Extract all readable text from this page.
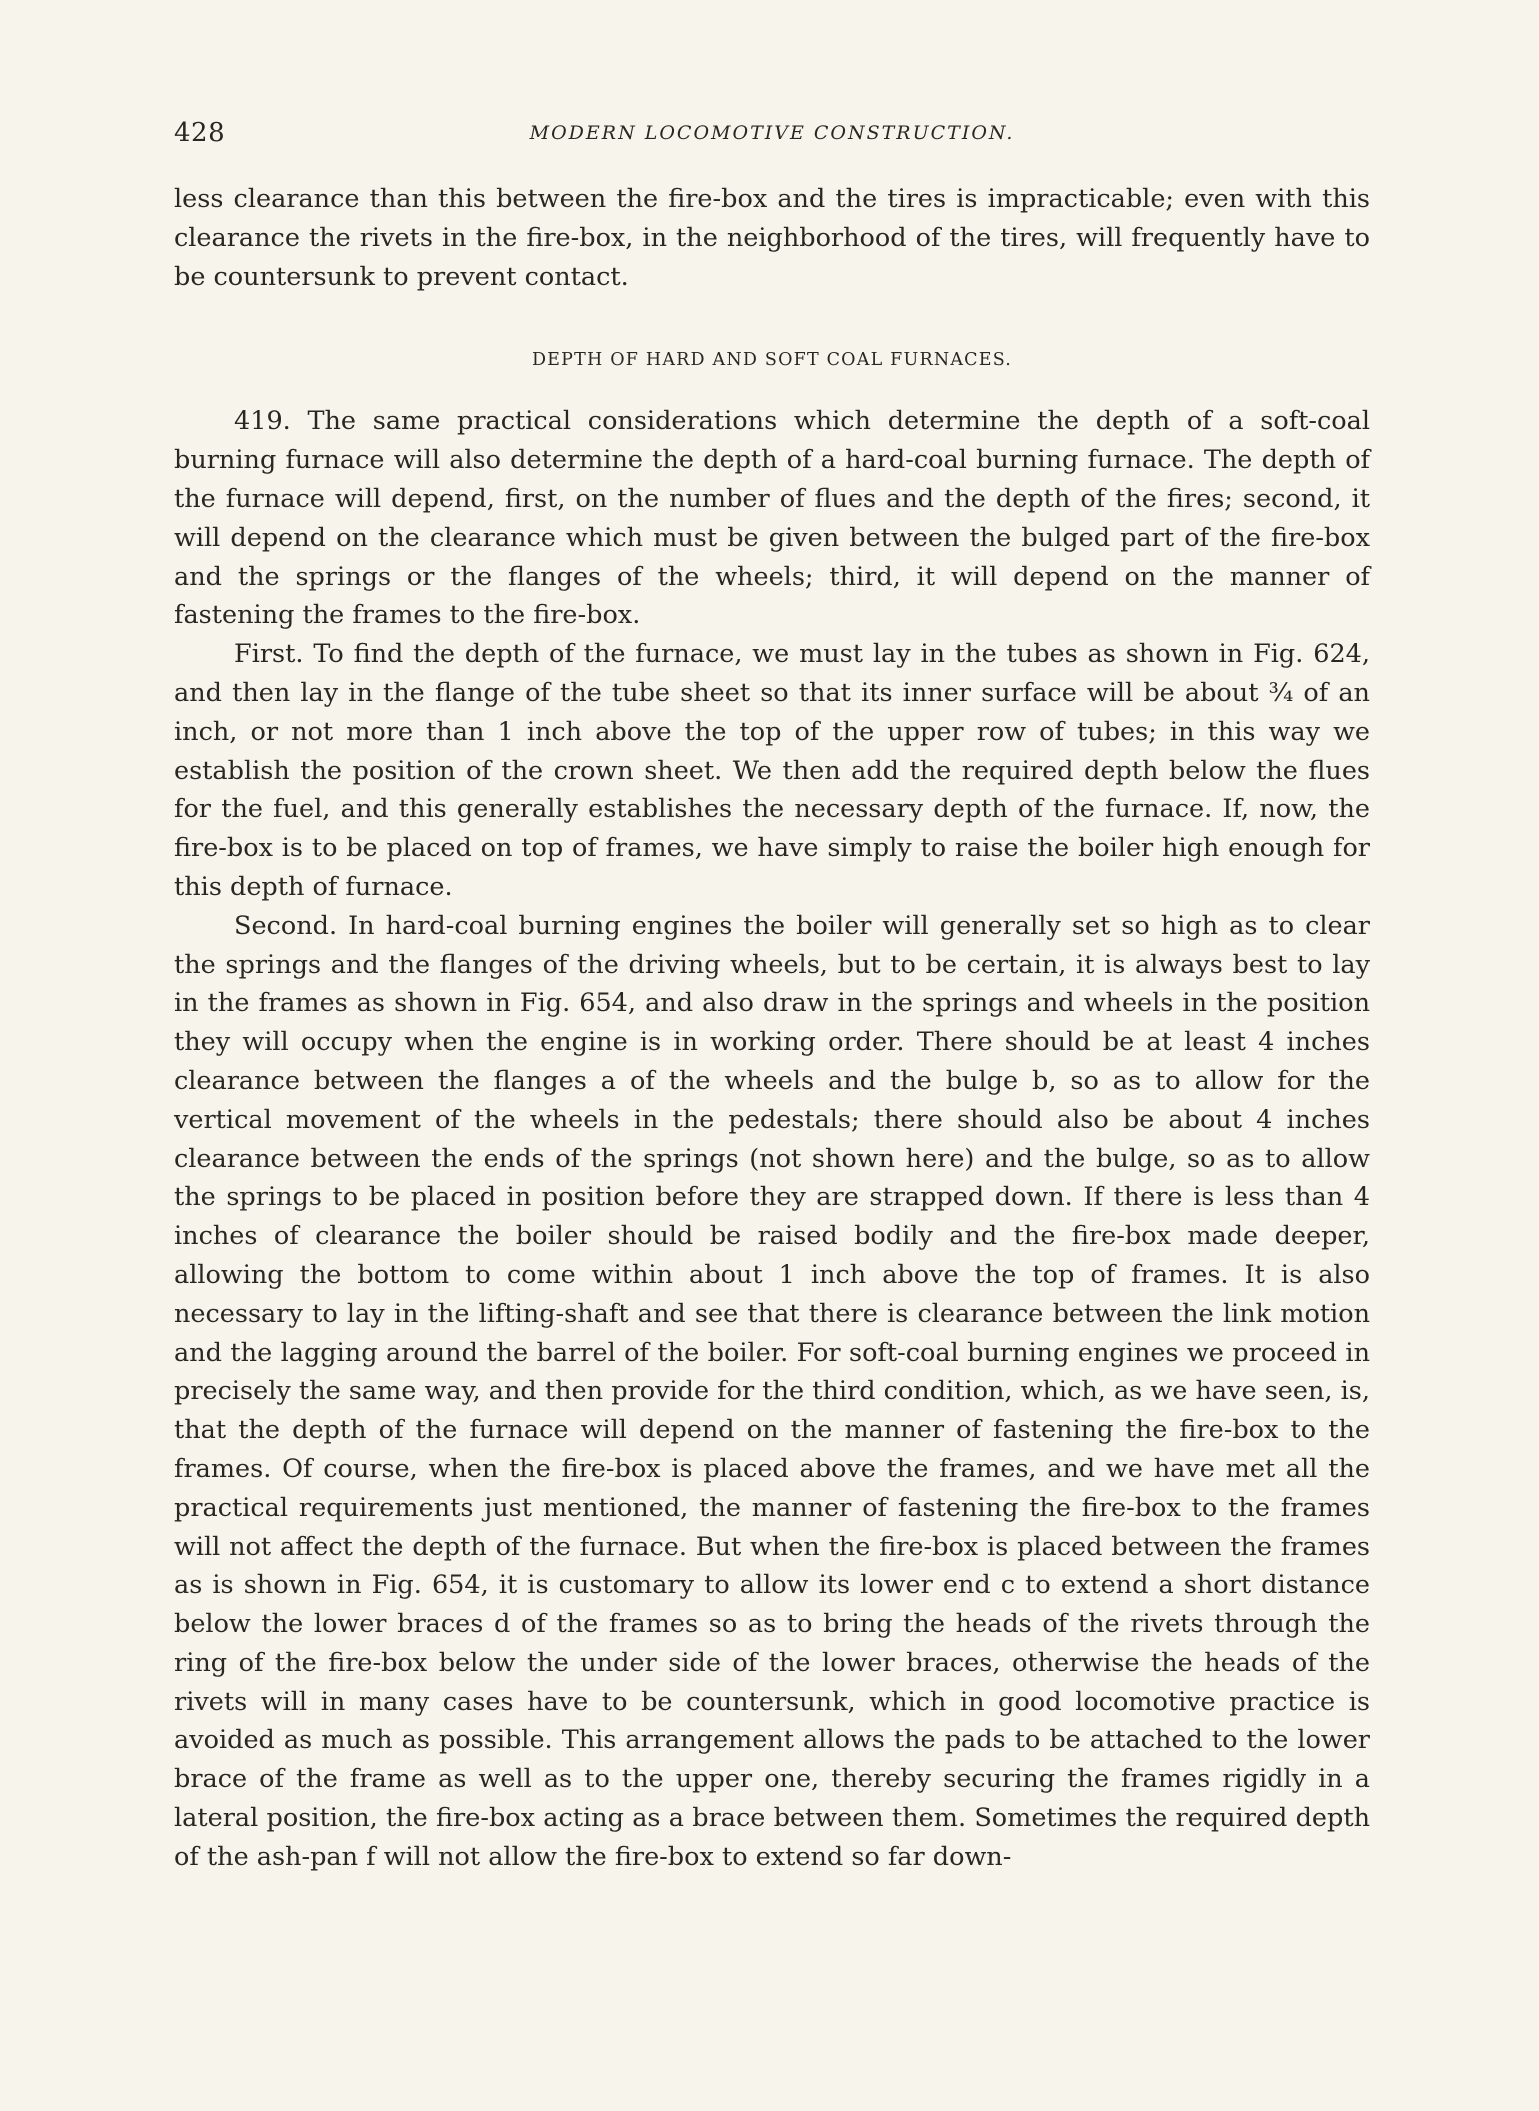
428	MODERN LOCOMOTIVE CONSTRUCTION.

less clearance than this between the fire-box and the tires is impracticable; even with this clearance the rivets in the fire-box, in the neighborhood of the tires, will frequently have to be countersunk to prevent contact.

DEPTH OF HARD AND SOFT COAL FURNACES.

419. The same practical considerations which determine the depth of a soft-coal burning furnace will also determine the depth of a hard-coal burning furnace. The depth of the furnace will depend, first, on the number of flues and the depth of the fires; second, it will depend on the clearance which must be given between the bulged part of the fire-box and the springs or the flanges of the wheels; third, it will depend on the manner of fastening the frames to the fire-box.

First. To find the depth of the furnace, we must lay in the tubes as shown in Fig. 624, and then lay in the flange of the tube sheet so that its inner surface will be about ¾ of an inch, or not more than 1 inch above the top of the upper row of tubes; in this way we establish the position of the crown sheet. We then add the required depth below the flues for the fuel, and this generally establishes the necessary depth of the furnace. If, now, the fire-box is to be placed on top of frames, we have simply to raise the boiler high enough for this depth of furnace.

Second. In hard-coal burning engines the boiler will generally set so high as to clear the springs and the flanges of the driving wheels, but to be certain, it is always best to lay in the frames as shown in Fig. 654, and also draw in the springs and wheels in the position they will occupy when the engine is in working order. There should be at least 4 inches clearance between the flanges a of the wheels and the bulge b, so as to allow for the vertical movement of the wheels in the pedestals; there should also be about 4 inches clearance between the ends of the springs (not shown here) and the bulge, so as to allow the springs to be placed in position before they are strapped down. If there is less than 4 inches of clearance the boiler should be raised bodily and the fire-box made deeper, allowing the bottom to come within about 1 inch above the top of frames. It is also necessary to lay in the lifting-shaft and see that there is clearance between the link motion and the lagging around the barrel of the boiler. For soft-coal burning engines we proceed in precisely the same way, and then provide for the third condition, which, as we have seen, is, that the depth of the furnace will depend on the manner of fastening the fire-box to the frames. Of course, when the fire-box is placed above the frames, and we have met all the practical requirements just mentioned, the manner of fastening the fire-box to the frames will not affect the depth of the furnace. But when the fire-box is placed between the frames as is shown in Fig. 654, it is customary to allow its lower end c to extend a short distance below the lower braces d of the frames so as to bring the heads of the rivets through the ring of the fire-box below the under side of the lower braces, otherwise the heads of the rivets will in many cases have to be countersunk, which in good locomotive practice is avoided as much as possible. This arrangement allows the pads to be attached to the lower brace of the frame as well as to the upper one, thereby securing the frames rigidly in a lateral position, the fire-box acting as a brace between them. Sometimes the required depth of the ash-pan f will not allow the fire-box to extend so far down-
